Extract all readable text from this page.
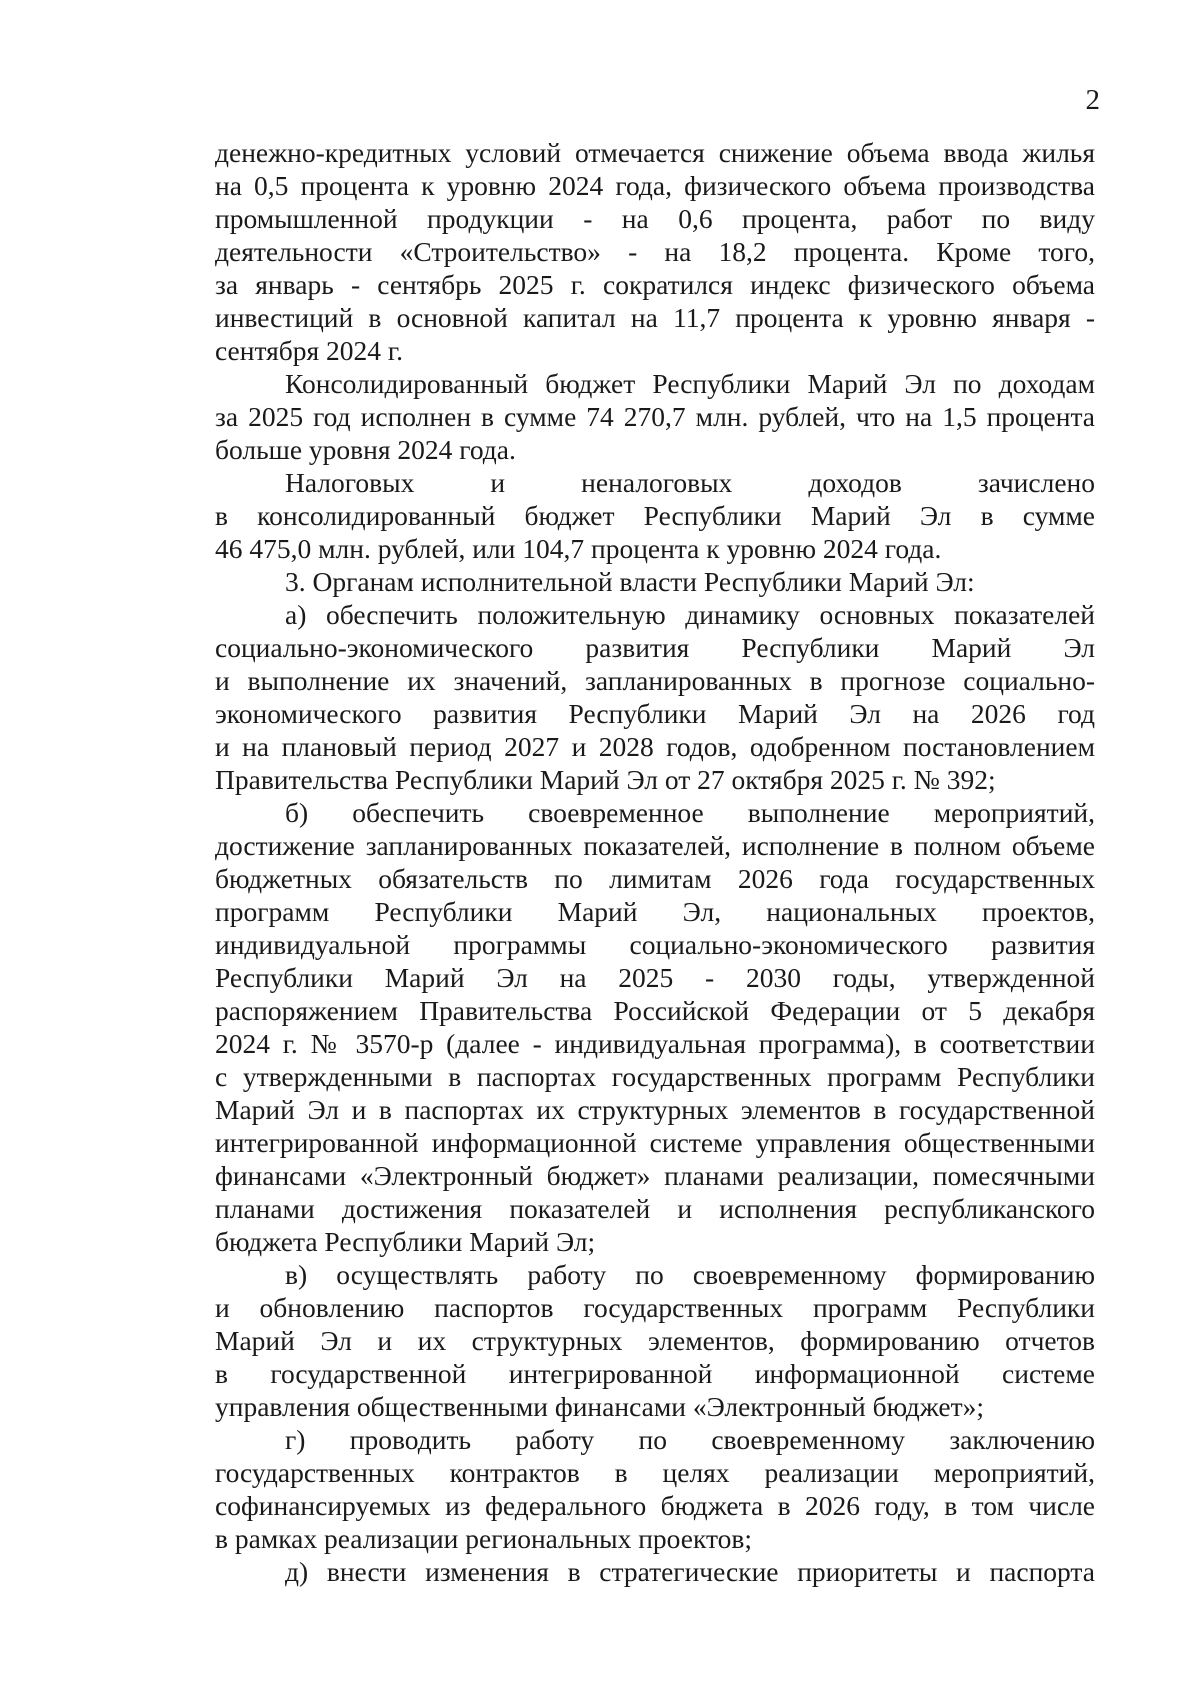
2
денежно-кредитных условий отмечается снижение объема ввода жилья
на 0,5 процента к уровню 2024 года, физического объема производства
промышленной продукции - на 0,6 процента, работ по виду
деятельности «Строительство» - на 18,2 процента. Кроме того,
за январь - сентябрь 2025 г. сократился индекс физического объема
инвестиций в основной капитал на 11,7 процента к уровню января -
сентября 2024 г.
Консолидированный бюджет Республики Марий Эл по доходам
за 2025 год исполнен в сумме 74 270,7 млн. рублей, что на 1,5 процента
больше уровня 2024 года.
Налоговых и неналоговых доходов зачислено
в консолидированный бюджет Республики Марий Эл в сумме
46 475,0 млн. рублей, или 104,7 процента к уровню 2024 года.
3. Органам исполнительной власти Республики Марий Эл:
а) обеспечить положительную динамику основных показателей
социально-экономического развития Республики Марий Эл
и выполнение их значений, запланированных в прогнозе социально-
экономического развития Республики Марий Эл на 2026 год
и на плановый период 2027 и 2028 годов, одобренном постановлением
Правительства Республики Марий Эл от 27 октября 2025 г. № 392;
б) обеспечить своевременное выполнение мероприятий,
достижение запланированных показателей, исполнение в полном объеме
бюджетных обязательств по лимитам 2026 года государственных
программ Республики Марий Эл, национальных проектов,
индивидуальной программы социально-экономического развития
Республики Марий Эл на 2025 - 2030 годы, утвержденной
распоряжением Правительства Российской Федерации от 5 декабря
2024 г. № 3570-р (далее - индивидуальная программа), в соответствии
с утвержденными в паспортах государственных программ Республики
Марий Эл и в паспортах их структурных элементов в государственной
интегрированной информационной системе управления общественными
финансами «Электронный бюджет» планами реализации, помесячными
планами достижения показателей и исполнения республиканского
бюджета Республики Марий Эл;
в) осуществлять работу по своевременному формированию
и обновлению паспортов государственных программ Республики
Марий Эл и их структурных элементов, формированию отчетов
в государственной интегрированной информационной системе
управления общественными финансами «Электронный бюджет»;
г) проводить работу по своевременному заключению
государственных контрактов в целях реализации мероприятий,
софинансируемых из федерального бюджета в 2026 году, в том числе
в рамках реализации региональных проектов;
д) внести изменения в стратегические приоритеты и паспорта
